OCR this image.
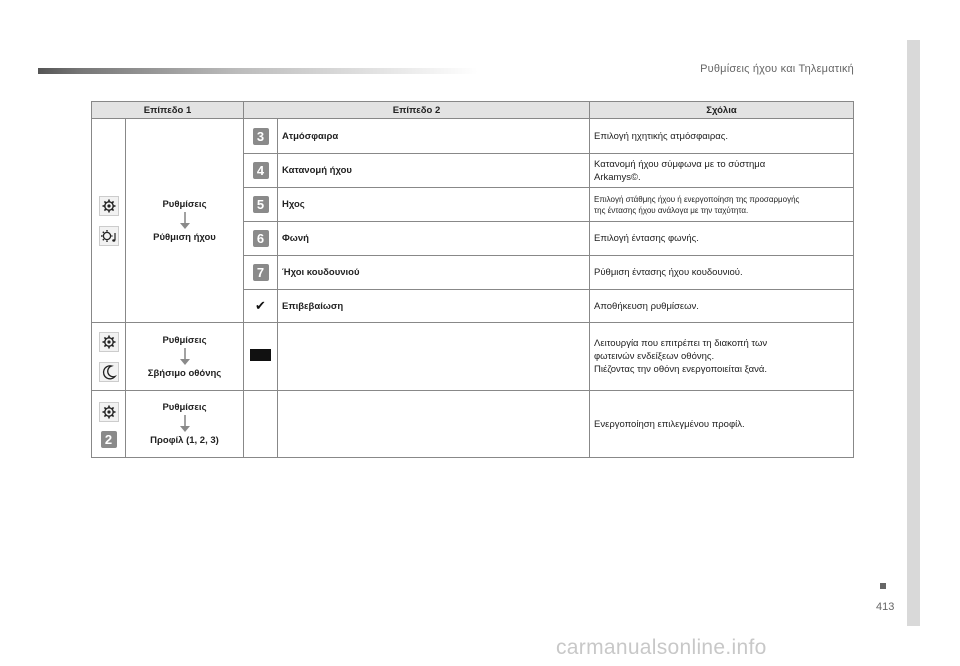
Ρυθμίσεις ήχου και Τηλεματική
413
carmanualsonline.info
Επίπεδο 1		Επίπεδο 2		Σχόλια

Ρυθμίσεις
Ρύθμιση ήχου	3	Ατμόσφαιρα	Επιλογή ηχητικής ατμόσφαιρας.
		4	Κατανομή ήχου	Κατανομή ήχου σύμφωνα με το σύστημα
Arkamys©.
		5	Ηχος	Επιλογή στάθμης ήχου ή ενεργοποίηση της προσαρμογής
της έντασης ήχου ανάλογα με την ταχύτητα.
		6	Φωνή	Επιλογή έντασης φωνής.
		7	Ήχοι κουδουνιού	Ρύθμιση έντασης ήχου κουδουνιού.
		✔	Επιβεβαίωση	Αποθήκευση ρυθμίσεων.

Ρυθμίσεις
Σβήσιμο οθόνης			Λειτουργία που επιτρέπει τη διακοπή των
φωτεινών ενδείξεων οθόνης.
Πιέζοντας την οθόνη ενεργοποιείται ξανά.

2	Ρυθμίσεις
Προφίλ (1, 2, 3)			Ενεργοποίηση επιλεγμένου προφίλ.
